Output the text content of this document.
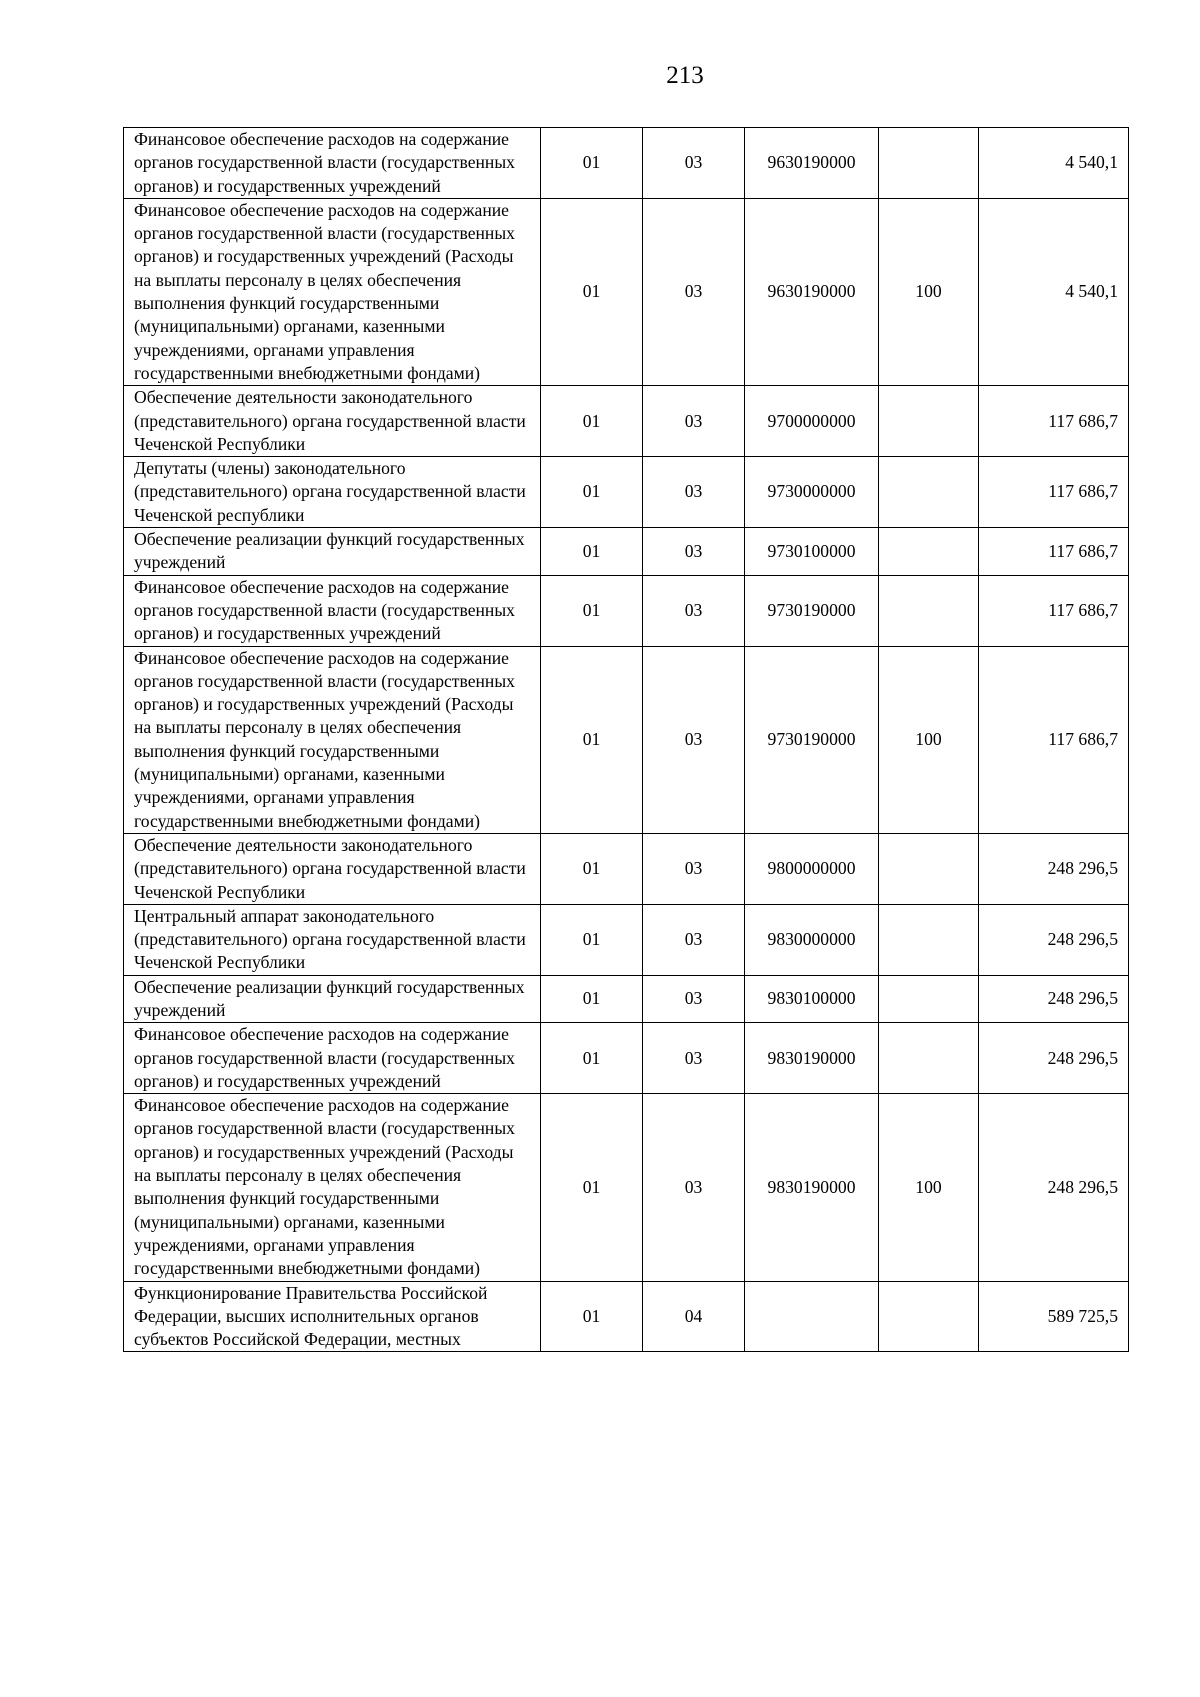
213
Финансовое обеспечение расходов на содержание органов государственной власти (государственных органов) и государственных учреждений	01	03	9630190000		4 540,1
Финансовое обеспечение расходов на содержание органов государственной власти (государственных органов) и государственных учреждений (Расходы на выплаты персоналу в целях обеспечения выполнения функций государственными (муниципальными) органами, казенными учреждениями, органами управления государственными внебюджетными фондами)	01	03	9630190000	100	4 540,1
Обеспечение деятельности законодательного (представительного) органа государственной власти Чеченской Республики	01	03	9700000000		117 686,7
Депутаты (члены) законодательного (представительного) органа государственной власти Чеченской республики	01	03	9730000000		117 686,7
Обеспечение реализации функций государственных учреждений	01	03	9730100000		117 686,7
Финансовое обеспечение расходов на содержание органов государственной власти (государственных органов) и государственных учреждений	01	03	9730190000		117 686,7
Финансовое обеспечение расходов на содержание органов государственной власти (государственных органов) и государственных учреждений (Расходы на выплаты персоналу в целях обеспечения выполнения функций государственными (муниципальными) органами, казенными учреждениями, органами управления государственными внебюджетными фондами)	01	03	9730190000	100	117 686,7
Обеспечение деятельности законодательного (представительного) органа государственной власти Чеченской Республики	01	03	9800000000		248 296,5
Центральный аппарат законодательного (представительного) органа государственной власти Чеченской Республики	01	03	9830000000		248 296,5
Обеспечение реализации функций государственных учреждений	01	03	9830100000		248 296,5
Финансовое обеспечение расходов на содержание органов государственной власти (государственных органов) и государственных учреждений	01	03	9830190000		248 296,5
Финансовое обеспечение расходов на содержание органов государственной власти (государственных органов) и государственных учреждений (Расходы на выплаты персоналу в целях обеспечения выполнения функций государственными (муниципальными) органами, казенными учреждениями, органами управления государственными внебюджетными фондами)	01	03	9830190000	100	248 296,5
Функционирование Правительства Российской Федерации, высших исполнительных органов субъектов Российской Федерации, местных	01	04			589 725,5
